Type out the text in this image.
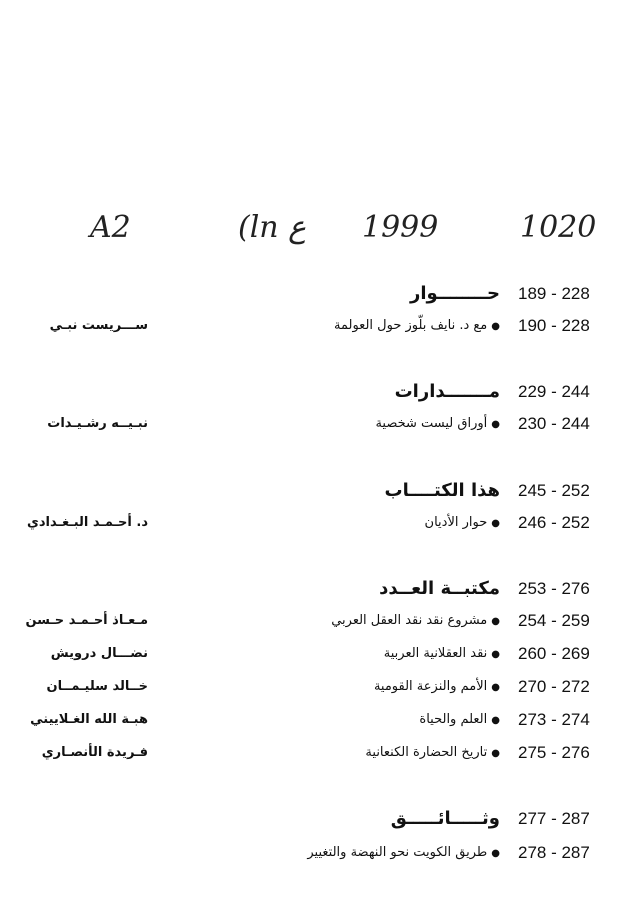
A2	(ln ع 1999	1020
189 - 228
حــــــــوار
190 - 228
●مع د. نايف بلّوز حول العولمة
ســـريست نبـي
229 - 244
مـــــــدارات
230 - 244
●أوراق ليست شخصية
نبـيــه رشـيـدات
245 - 252
هذا الكتــــاب
246 - 252
●حوار الأديان
د. أحـمـد البـغـدادي
253 - 276
مكتبــة العــدد
254 - 259
●مشروع نقد نقد العقل العربي
مـعـاذ أحـمـد حـسن
260 - 269
●نقد العقلانية العربية
نضـــال درويش
270 - 272
●الأمم والنزعة القومية
خــالد سليـمــان
273 - 274
●العلم والحياة
هبـة الله الغـلاييني
275 - 276
●تاريخ الحضارة الكنعانية
فـريدة الأنصـاري
277 - 287
وثـــــائـــــق
278 - 287
●طريق الكويت نحو النهضة والتغيير
